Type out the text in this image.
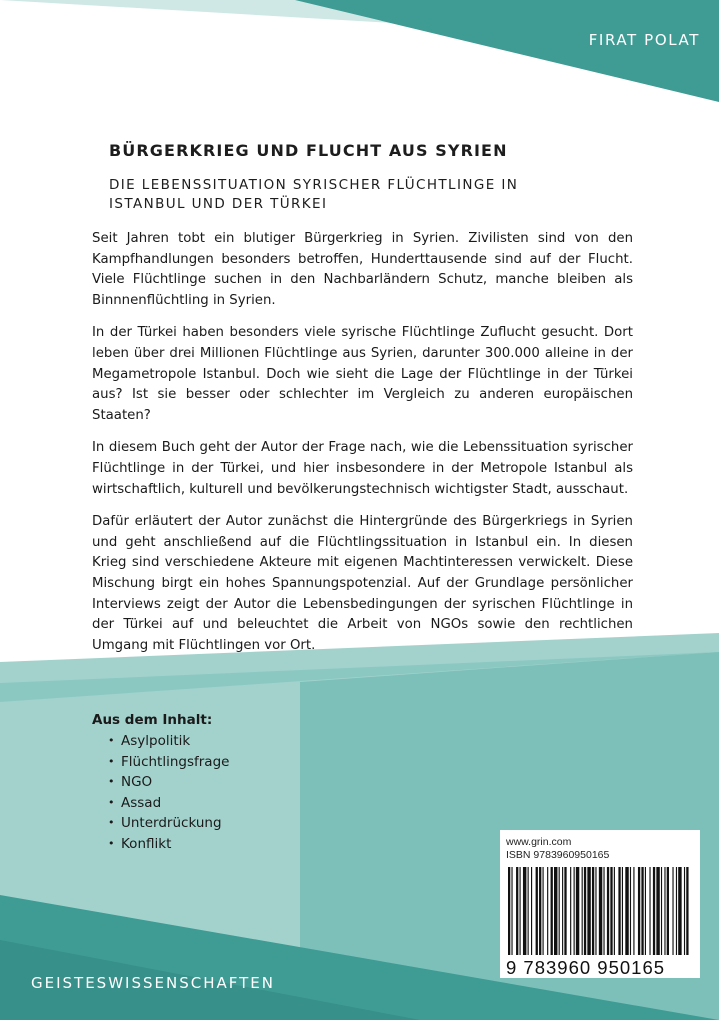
FIRAT POLAT
BÜRGERKRIEG UND FLUCHT AUS SYRIEN
DIE LEBENSSITUATION SYRISCHER FLÜCHTLINGE IN ISTANBUL UND DER TÜRKEI

Seit Jahren tobt ein blutiger Bürgerkrieg in Syrien. Zivilisten sind von den Kampfhandlungen besonders betroffen, Hunderttausende sind auf der Flucht. Viele Flüchtlinge suchen in den Nachbarländern Schutz, manche bleiben als Binnnenflüchtling in Syrien.

In der Türkei haben besonders viele syrische Flüchtlinge Zuflucht gesucht. Dort leben über drei Millionen Flüchtlinge aus Syrien, darunter 300.000 alleine in der Megametropole Istanbul. Doch wie sieht die Lage der Flüchtlinge in der Türkei aus? Ist sie besser oder schlechter im Vergleich zu anderen europäischen Staaten?

In diesem Buch geht der Autor der Frage nach, wie die Lebenssituation syrischer Flüchtlinge in der Türkei, und hier insbesondere in der Metropole Istanbul als wirtschaftlich, kulturell und bevölkerungstechnisch wichtigster Stadt, ausschaut.

Dafür erläutert der Autor zunächst die Hintergründe des Bürgerkriegs in Syrien und geht anschließend auf die Flüchtlingssituation in Istanbul ein. In diesen Krieg sind verschiedene Akteure mit eigenen Machtinteressen verwickelt. Diese Mischung birgt ein hohes Spannungspotenzial. Auf der Grundlage persönlicher Interviews zeigt der Autor die Lebensbedingungen der syrischen Flüchtlinge in der Türkei auf und beleuchtet die Arbeit von NGOs sowie den rechtlichen Umgang mit Flüchtlingen vor Ort.

Aus dem Inhalt:
• Asylpolitik
• Flüchtlingsfrage
• NGO
• Assad
• Unterdrückung
• Konflikt	www.grin.com
ISBN 9783960950165
9 783960 950165
GEISTESWISSENSCHAFTEN
